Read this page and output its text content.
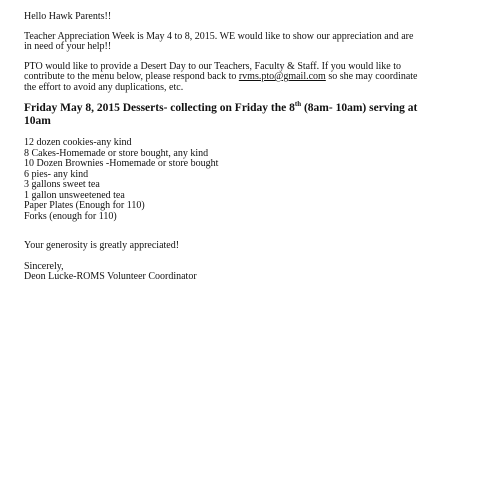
Hello Hawk Parents!!
Teacher Appreciation Week is May 4 to 8, 2015. WE would like to show our appreciation and are
in need of your help!!
PTO would like to provide a Desert Day to our Teachers, Faculty & Staff. If you would like to
contribute to the menu below, please respond back to rvms.pto@gmail.com so she may coordinate
the effort to avoid any duplications, etc.
Friday May 8, 2015 Desserts- collecting on Friday the 8th (8am- 10am) serving at
10am
12 dozen cookies-any kind
8 Cakes-Homemade or store bought, any kind
10 Dozen Brownies -Homemade or store bought
6 pies- any kind
3 gallons sweet tea
1 gallon unsweetened tea
Paper Plates (Enough for 110)
Forks (enough for 110)
Your generosity is greatly appreciated!
Sincerely,
Deon Lucke-ROMS Volunteer Coordinator
